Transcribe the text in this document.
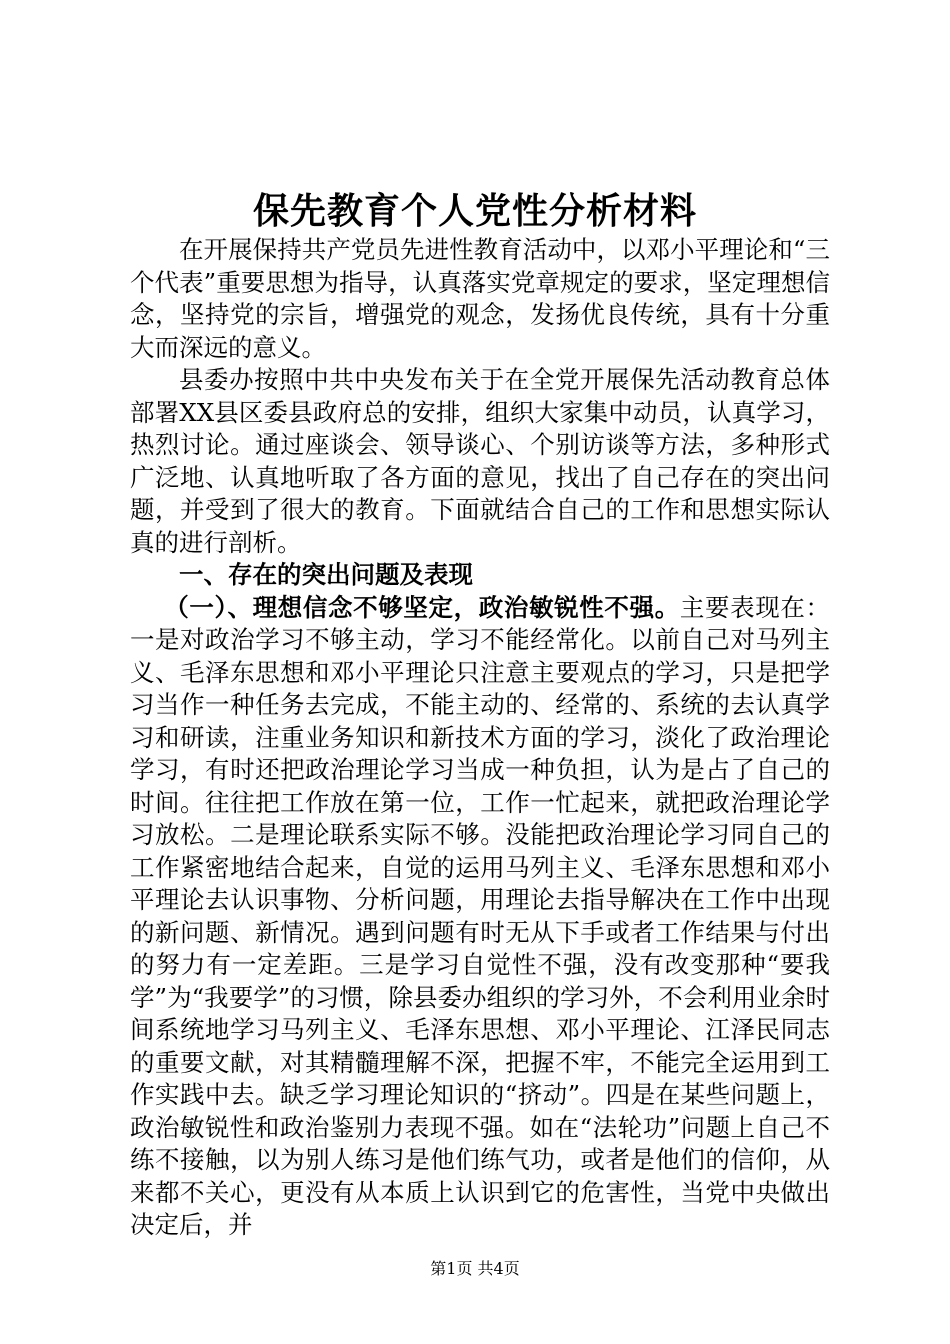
保先教育个人党性分析材料

在开展保持共产党员先进性教育活动中，以邓小平理论和“三个代表”重要思想为指导，认真落实党章规定的要求，坚定理想信念，坚持党的宗旨，增强党的观念，发扬优良传统，具有十分重大而深远的意义。

县委办按照中共中央发布关于在全党开展保先活动教育总体部署XX县区委县政府总的安排，组织大家集中动员，认真学习，热烈讨论。通过座谈会、领导谈心、个别访谈等方法，多种形式广泛地、认真地听取了各方面的意见，找出了自己存在的突出问题，并受到了很大的教育。下面就结合自己的工作和思想实际认真的进行剖析。

一、存在的突出问题及表现

（一）、理想信念不够坚定，政治敏锐性不强。主要表现在：一是对政治学习不够主动，学习不能经常化。以前自己对马列主义、毛泽东思想和邓小平理论只注意主要观点的学习，只是把学习当作一种任务去完成，不能主动的、经常的、系统的去认真学习和研读，注重业务知识和新技术方面的学习，淡化了政治理论学习，有时还把政治理论学习当成一种负担，认为是占了自己的时间。往往把工作放在第一位，工作一忙起来，就把政治理论学习放松。二是理论联系实际不够。没能把政治理论学习同自己的工作紧密地结合起来，自觉的运用马列主义、毛泽东思想和邓小平理论去认识事物、分析问题，用理论去指导解决在工作中出现的新问题、新情况。遇到问题有时无从下手或者工作结果与付出的努力有一定差距。三是学习自觉性不强，没有改变那种“要我学”为“我要学”的习惯，除县委办组织的学习外，不会利用业余时间系统地学习马列主义、毛泽东思想、邓小平理论、江泽民同志的重要文献，对其精髓理解不深，把握不牢，不能完全运用到工作实践中去。缺乏学习理论知识的“挤动”。四是在某些问题上，政治敏锐性和政治鉴别力表现不强。如在“法轮功”问题上自己不练不接触，以为别人练习是他们练气功，或者是他们的信仰，从来都不关心，更没有从本质上认识到它的危害性，当党中央做出决定后，并

第1页 共4页
